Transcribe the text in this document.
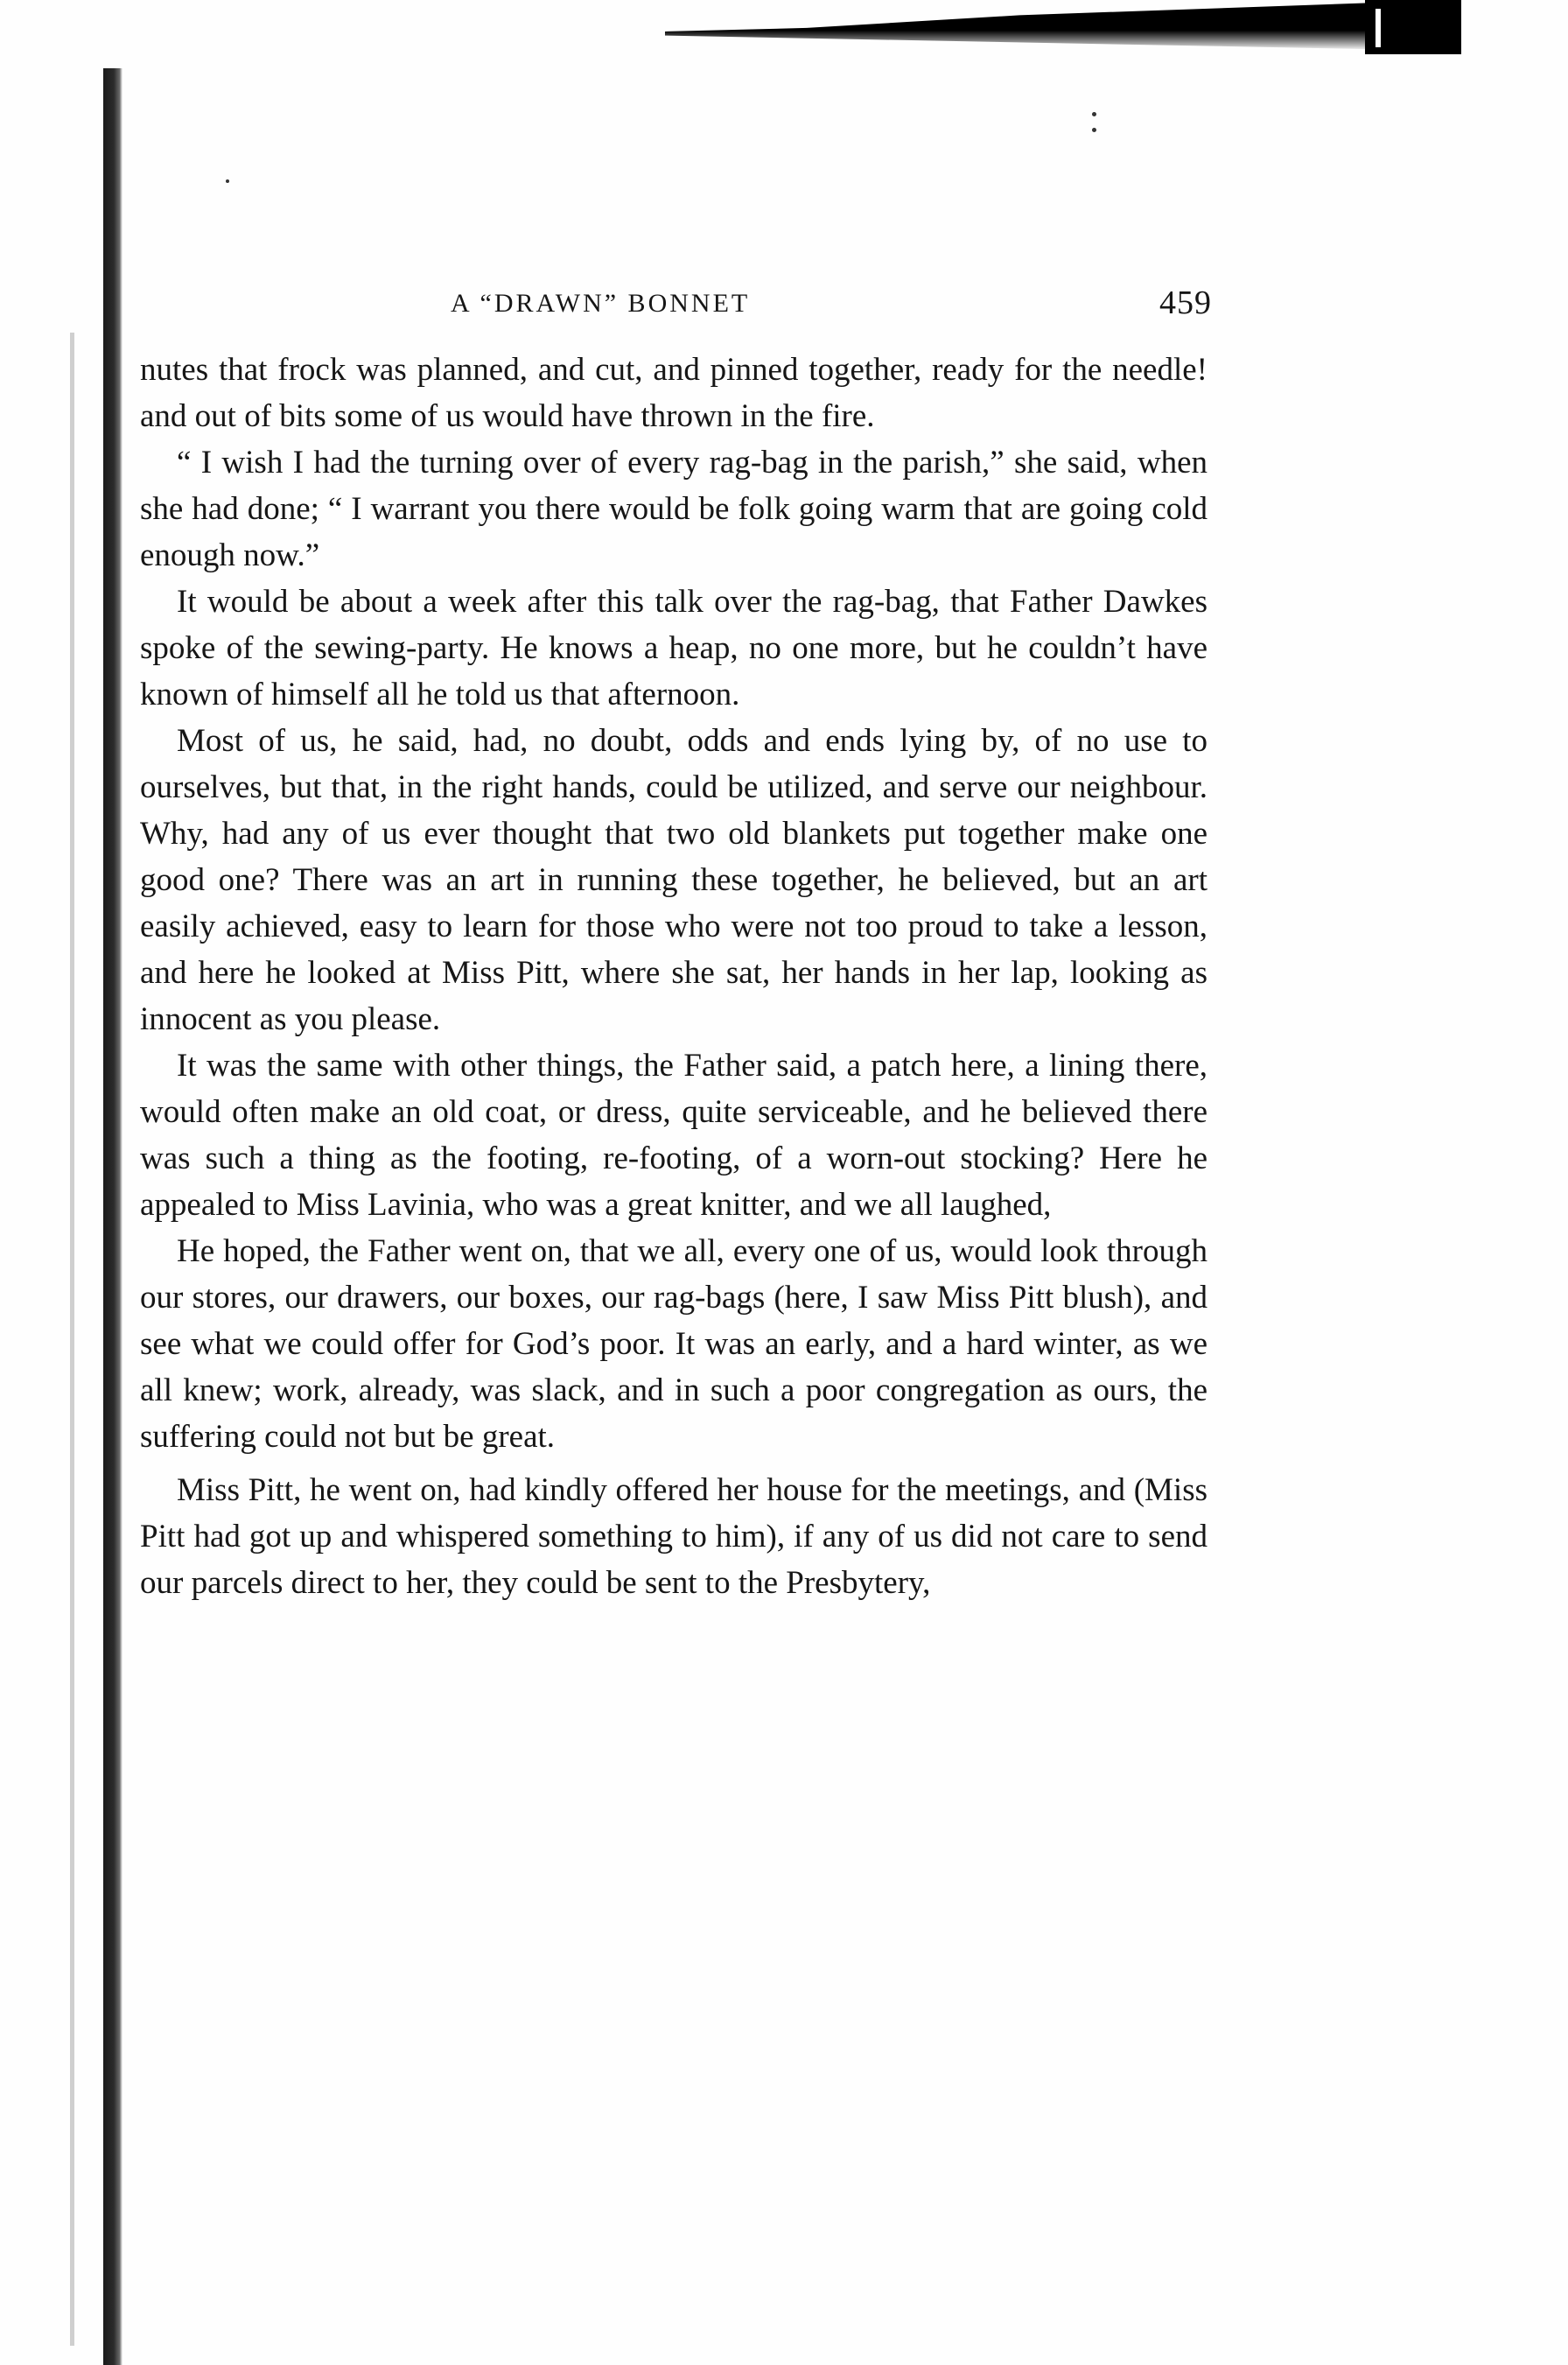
A “DRAWN” BONNET	459

nutes that frock was planned, and cut, and pinned together, ready for the needle! and out of bits some of us would have thrown in the fire.

“ I wish I had the turning over of every rag-bag in the parish,” she said, when she had done; “ I warrant you there would be folk going warm that are going cold enough now.”

It would be about a week after this talk over the rag-bag, that Father Dawkes spoke of the sewing-party. He knows a heap, no one more, but he couldn’t have known of himself all he told us that afternoon.

Most of us, he said, had, no doubt, odds and ends lying by, of no use to ourselves, but that, in the right hands, could be utilized, and serve our neighbour. Why, had any of us ever thought that two old blankets put together make one good one? There was an art in running these together, he believed, but an art easily achieved, easy to learn for those who were not too proud to take a lesson, and here he looked at Miss Pitt, where she sat, her hands in her lap, looking as innocent as you please.

It was the same with other things, the Father said, a patch here, a lining there, would often make an old coat, or dress, quite serviceable, and he believed there was such a thing as the footing, re-footing, of a worn-out stocking? Here he appealed to Miss Lavinia, who was a great knitter, and we all laughed,

He hoped, the Father went on, that we all, every one of us, would look through our stores, our drawers, our boxes, our rag-bags (here, I saw Miss Pitt blush), and see what we could offer for God’s poor. It was an early, and a hard winter, as we all knew; work, already, was slack, and in such a poor congregation as ours, the suffering could not but be great.

Miss Pitt, he went on, had kindly offered her house for the meetings, and (Miss Pitt had got up and whispered something to him), if any of us did not care to send our parcels direct to her, they could be sent to the Presbytery,
